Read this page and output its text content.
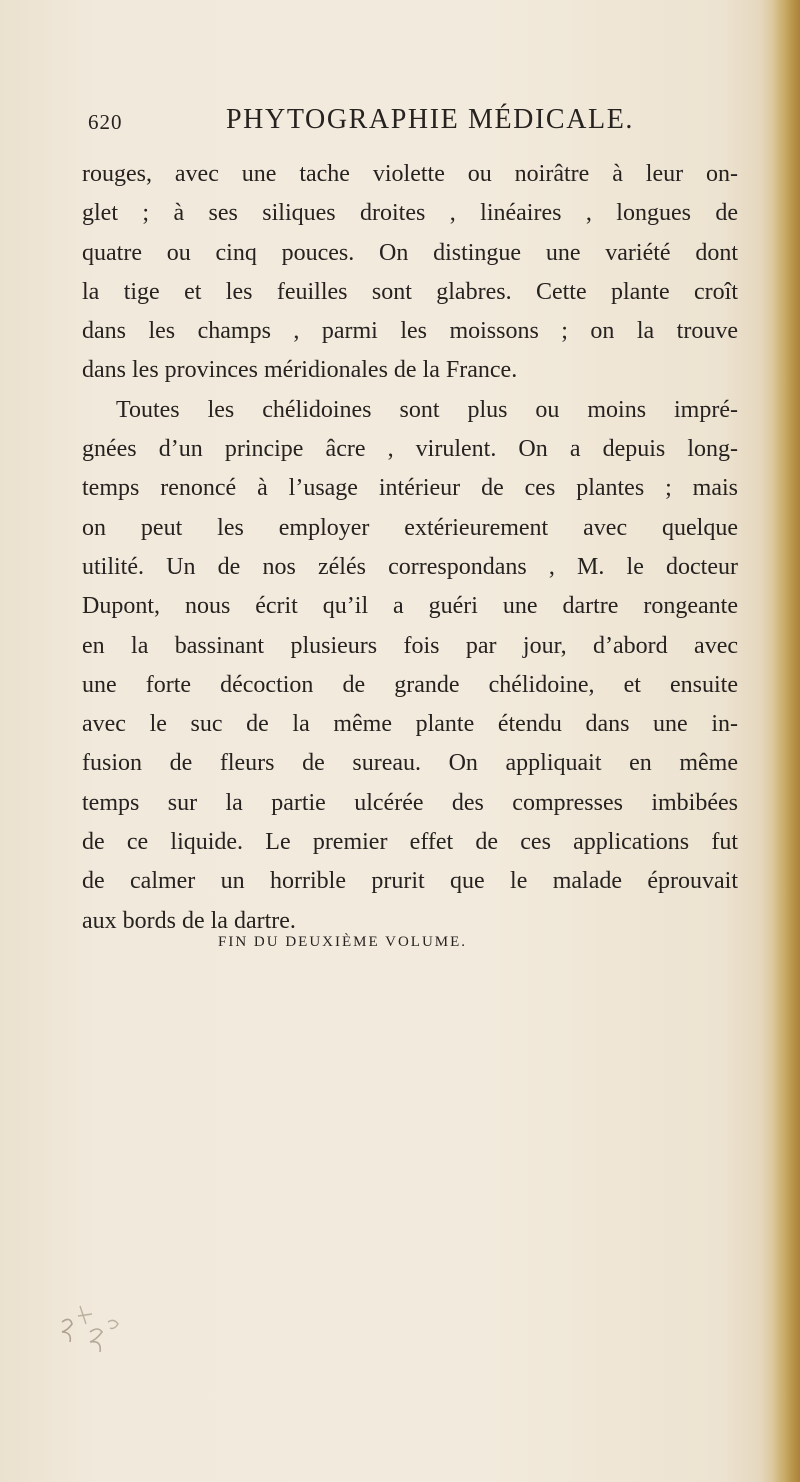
620	PHYTOGRAPHIE MÉDICALE.
rouges, avec une tache violette ou noirâtre à leur on-
glet ; à ses siliques droites , linéaires , longues de
quatre ou cinq pouces. On distingue une variété dont
la tige et les feuilles sont glabres. Cette plante croît
dans les champs , parmi les moissons ; on la trouve
dans les provinces méridionales de la France.
Toutes les chélidoines sont plus ou moins impré-
gnées d’un principe âcre , virulent. On a depuis long-
temps renoncé à l’usage intérieur de ces plantes ; mais
on peut les employer extérieurement avec quelque
utilité. Un de nos zélés correspondans , M. le docteur
Dupont, nous écrit qu’il a guéri une dartre rongeante
en la bassinant plusieurs fois par jour, d’abord avec
une forte décoction de grande chélidoine, et ensuite
avec le suc de la même plante étendu dans une in-
fusion de fleurs de sureau. On appliquait en même
temps sur la partie ulcérée des compresses imbibées
de ce liquide. Le premier effet de ces applications fut
de calmer un horrible prurit que le malade éprouvait
aux bords de la dartre.
FIN DU DEUXIÈME VOLUME.
